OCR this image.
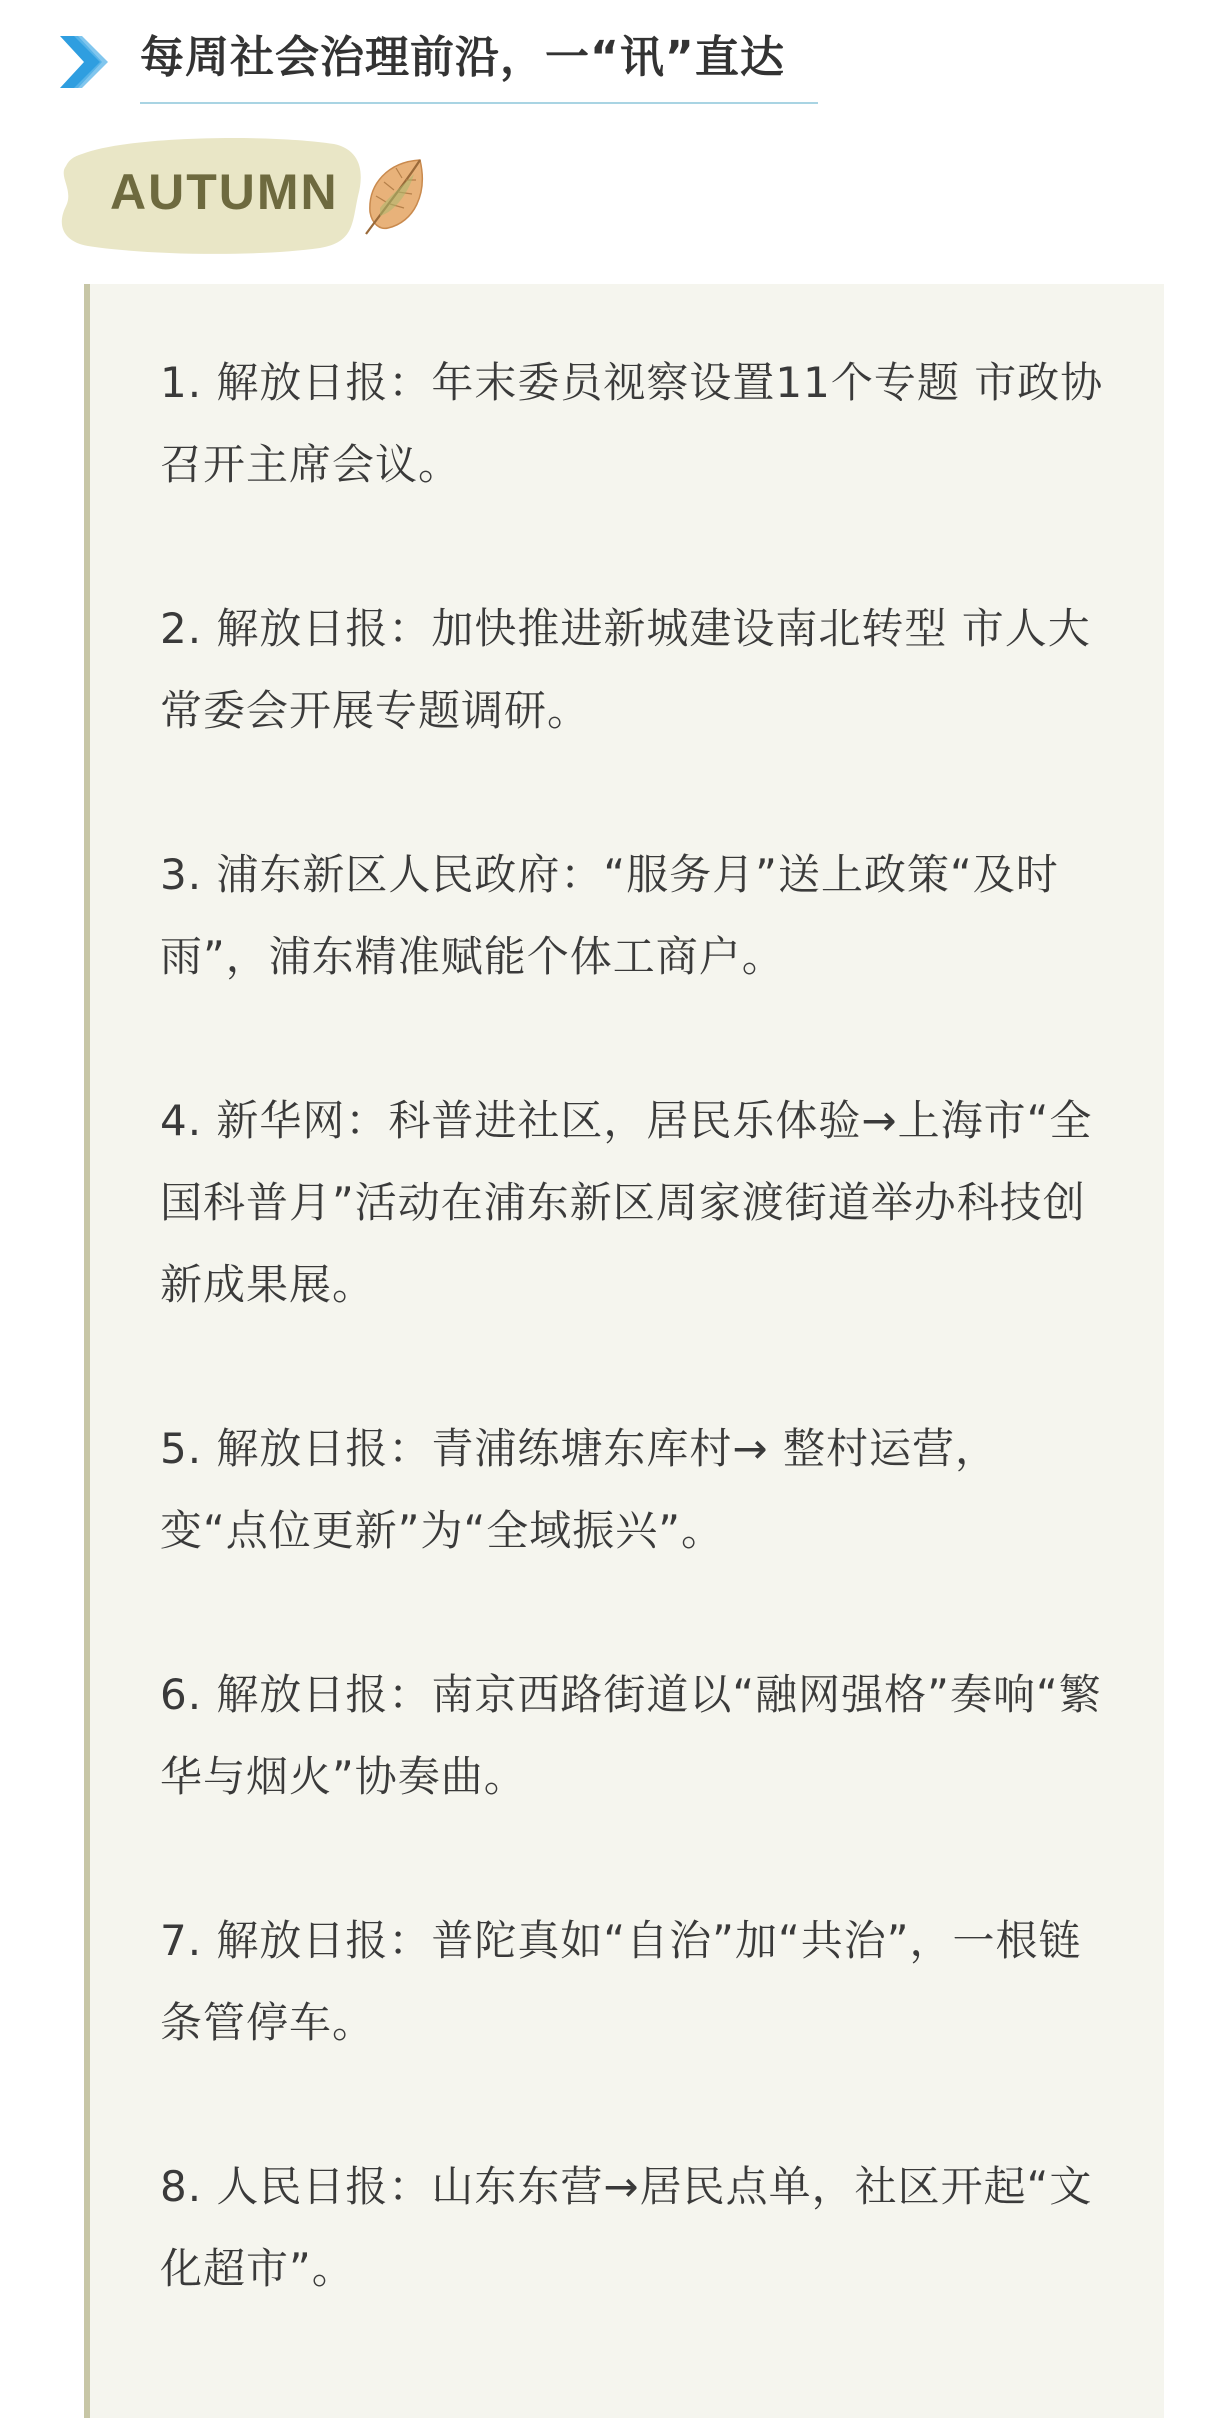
每周社会治理前沿，一“讯”直达
AUTUMN
1. 解放日报：年末委员视察设置11个专题 市政协召开主席会议。
2. 解放日报：加快推进新城建设南北转型 市人大常委会开展专题调研。
3. 浦东新区人民政府：“服务月”送上政策“及时雨”，浦东精准赋能个体工商户。
4. 新华网：科普进社区，居民乐体验→上海市“全国科普月”活动在浦东新区周家渡街道举办科技创新成果展。
5. 解放日报：青浦练塘东库村→ 整村运营，变“点位更新”为“全域振兴”。
6. 解放日报：南京西路街道以“融网强格”奏响“繁华与烟火”协奏曲。
7. 解放日报：普陀真如“自治”加“共治”，一根链条管停车。
8. 人民日报：山东东营→居民点单，社区开起“文化超市”。
